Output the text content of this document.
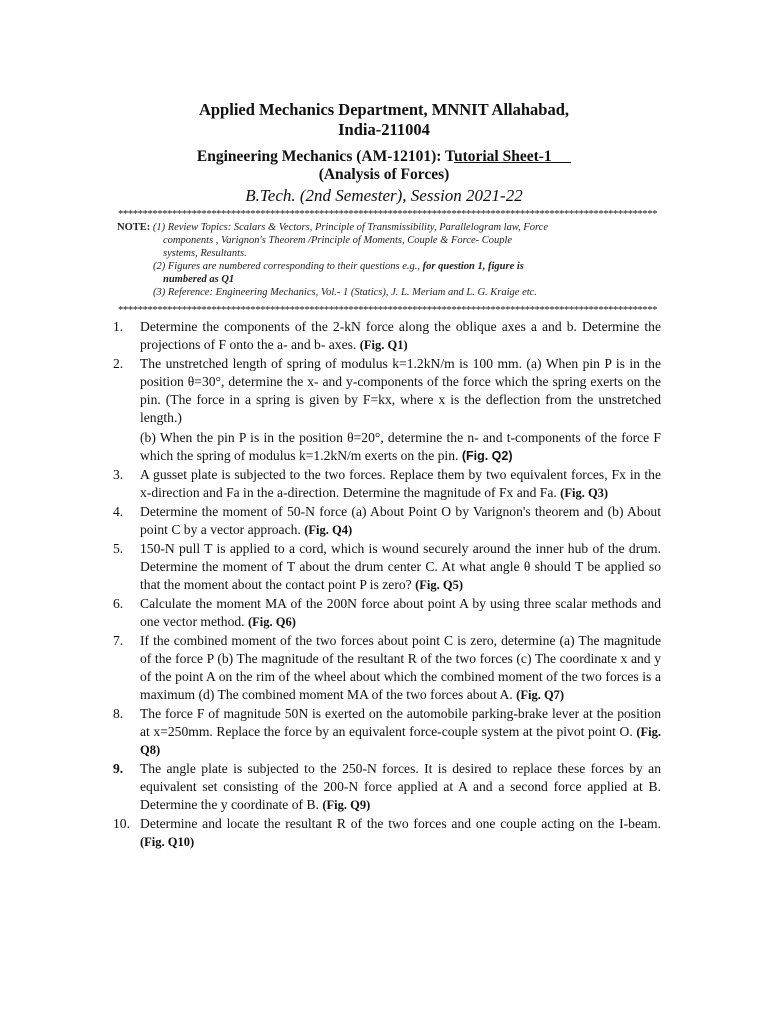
Applied Mechanics Department, MNNIT Allahabad,
India-211004
Engineering Mechanics (AM-12101): Tutorial Sheet-1
(Analysis of Forces)
B.Tech. (2nd Semester), Session 2021-22
**************************************************************************************************************
NOTE: (1) Review Topics: Scalars & Vectors, Principle of Transmissibility, Parallelogram law, Force
components , Varignon's Theorem /Principle of Moments, Couple & Force- Couple
systems, Resultants.
(2) Figures are numbered corresponding to their questions e.g., for question 1, figure is
numbered as Q1
(3) Reference: Engineering Mechanics, Vol.- 1 (Statics), J. L. Meriam and L. G. Kraige etc.
**************************************************************************************************************
1. Determine the components of the 2-kN force along the oblique axes a and b. Determine the projections of F onto the a- and b- axes. (Fig. Q1)
2. The unstretched length of spring of modulus k=1.2kN/m is 100 mm. (a) When pin P is in the position θ=30°, determine the x- and y-components of the force which the spring exerts on the pin. (The force in a spring is given by F=kx, where x is the deflection from the unstretched length.)
(b) When the pin P is in the position θ=20°, determine the n- and t-components of the force F which the spring of modulus k=1.2kN/m exerts on the pin. (Fig. Q2)
3. A gusset plate is subjected to the two forces. Replace them by two equivalent forces, Fx in the x-direction and Fa in the a-direction. Determine the magnitude of Fx and Fa. (Fig. Q3)
4. Determine the moment of 50-N force (a) About Point O by Varignon's theorem and (b) About point C by a vector approach. (Fig. Q4)
5. 150-N pull T is applied to a cord, which is wound securely around the inner hub of the drum. Determine the moment of T about the drum center C. At what angle θ should T be applied so that the moment about the contact point P is zero? (Fig. Q5)
6. Calculate the moment MA of the 200N force about point A by using three scalar methods and one vector method. (Fig. Q6)
7. If the combined moment of the two forces about point C is zero, determine (a) The magnitude of the force P (b) The magnitude of the resultant R of the two forces (c) The coordinate x and y of the point A on the rim of the wheel about which the combined moment of the two forces is a maximum (d) The combined moment MA of the two forces about A. (Fig. Q7)
8. The force F of magnitude 50N is exerted on the automobile parking-brake lever at the position at x=250mm. Replace the force by an equivalent force-couple system at the pivot point O. (Fig. Q8)
9. The angle plate is subjected to the 250-N forces. It is desired to replace these forces by an equivalent set consisting of the 200-N force applied at A and a second force applied at B. Determine the y coordinate of B. (Fig. Q9)
10. Determine and locate the resultant R of the two forces and one couple acting on the I-beam. (Fig. Q10)
